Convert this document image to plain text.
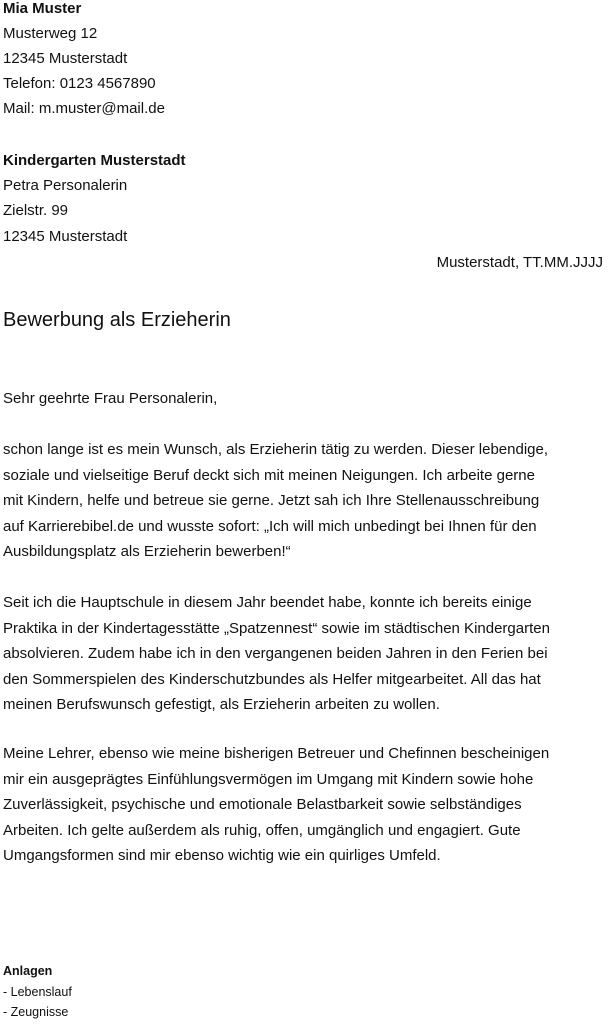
Mia Muster
Musterweg 12
12345 Musterstadt
Telefon: 0123 4567890
Mail: m.muster@mail.de
Kindergarten Musterstadt
Petra Personalerin
Zielstr. 99
12345 Musterstadt
Musterstadt, TT.MM.JJJJ
Bewerbung als Erzieherin
Sehr geehrte Frau Personalerin,
schon lange ist es mein Wunsch, als Erzieherin tätig zu werden. Dieser lebendige,
soziale und vielseitige Beruf deckt sich mit meinen Neigungen. Ich arbeite gerne
mit Kindern, helfe und betreue sie gerne. Jetzt sah ich Ihre Stellenausschreibung
auf Karrierebibel.de und wusste sofort: „Ich will mich unbedingt bei Ihnen für den
Ausbildungsplatz als Erzieherin bewerben!“
Seit ich die Hauptschule in diesem Jahr beendet habe, konnte ich bereits einige
Praktika in der Kindertagesstätte „Spatzennest“ sowie im städtischen Kindergarten
absolvieren. Zudem habe ich in den vergangenen beiden Jahren in den Ferien bei
den Sommerspielen des Kinderschutzbundes als Helfer mitgearbeitet. All das hat
meinen Berufswunsch gefestigt, als Erzieherin arbeiten zu wollen.
Meine Lehrer, ebenso wie meine bisherigen Betreuer und Chefinnen bescheinigen
mir ein ausgeprägtes Einfühlungsvermögen im Umgang mit Kindern sowie hohe
Zuverlässigkeit, psychische und emotionale Belastbarkeit sowie selbständiges
Arbeiten. Ich gelte außerdem als ruhig, offen, umgänglich und engagiert. Gute
Umgangsformen sind mir ebenso wichtig wie ein quirliges Umfeld.
Anlagen
- Lebenslauf
- Zeugnisse
